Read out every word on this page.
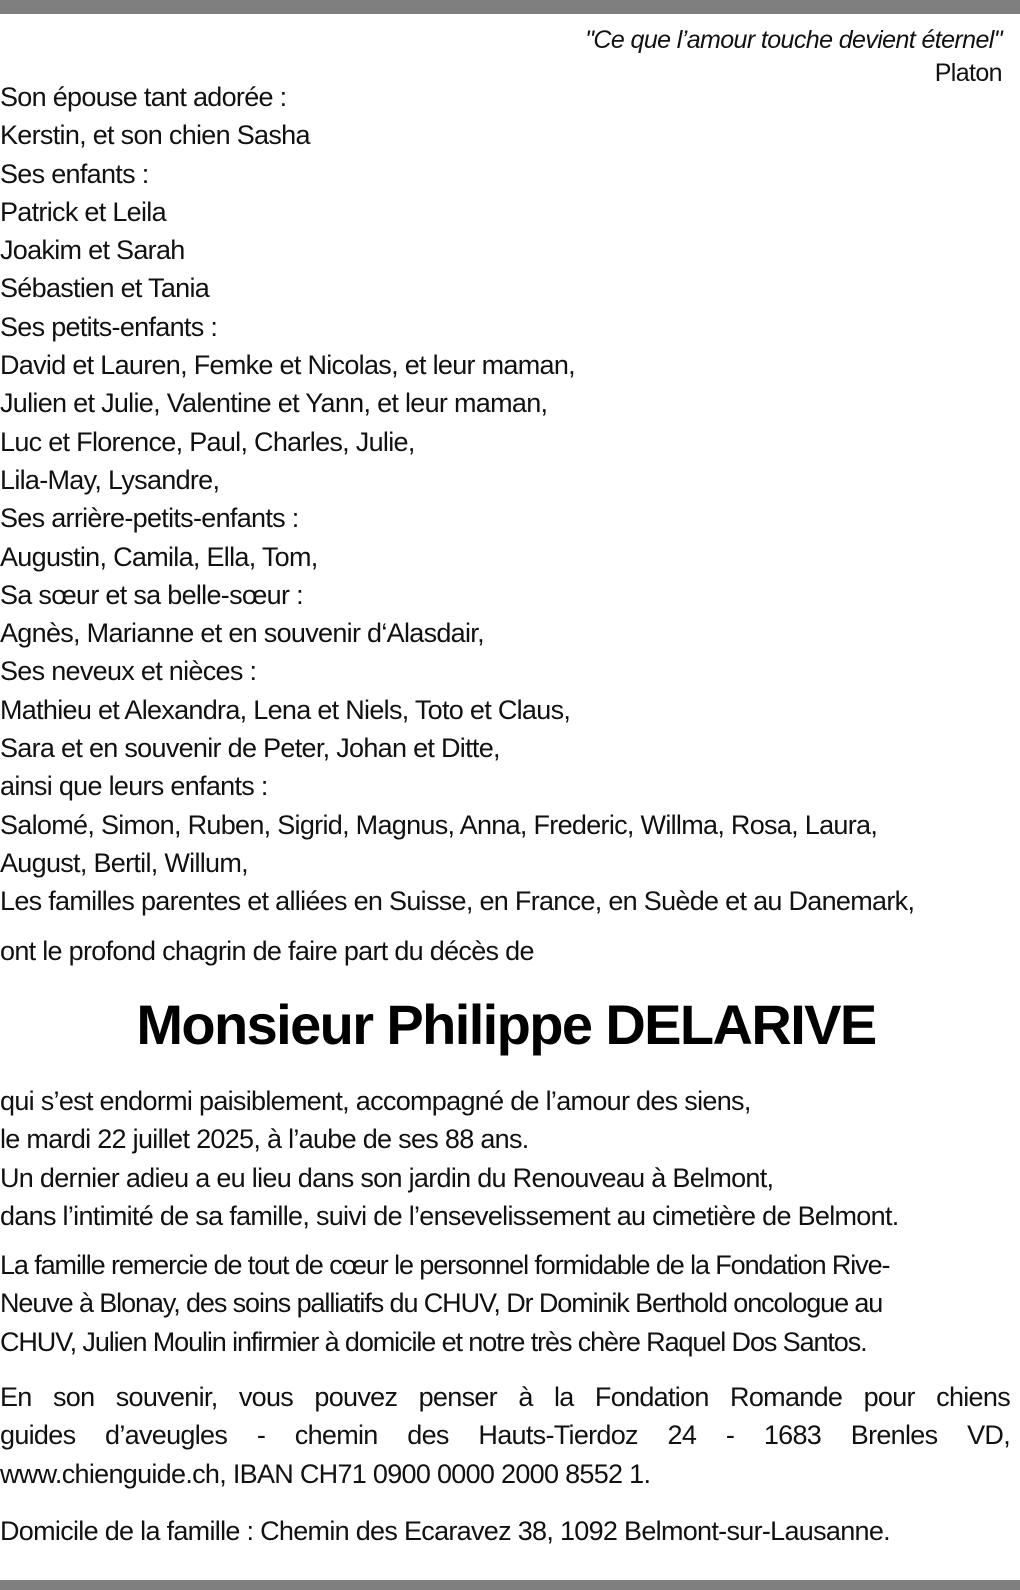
"Ce que l’amour touche devient éternel"
Platon
Son épouse tant adorée :
Kerstin, et son chien Sasha
Ses enfants :
Patrick et Leila
Joakim et Sarah
Sébastien et Tania
Ses petits-enfants :
David et Lauren, Femke et Nicolas, et leur maman,
Julien et Julie, Valentine et Yann, et leur maman,
Luc et Florence, Paul, Charles, Julie,
Lila-May, Lysandre,
Ses arrière-petits-enfants :
Augustin, Camila, Ella, Tom,
Sa sœur et sa belle-sœur :
Agnès, Marianne et en souvenir d‘Alasdair,
Ses neveux et nièces :
Mathieu et Alexandra, Lena et Niels, Toto et Claus,
Sara et en souvenir de Peter, Johan et Ditte,
ainsi que leurs enfants :
Salomé, Simon, Ruben, Sigrid, Magnus, Anna, Frederic, Willma, Rosa, Laura,
August, Bertil, Willum,
Les familles parentes et alliées en Suisse, en France, en Suède et au Danemark,
ont le profond chagrin de faire part du décès de
Monsieur Philippe DELARIVE
qui s’est endormi paisiblement, accompagné de l’amour des siens,
le mardi 22 juillet 2025, à l’aube de ses 88 ans.
Un dernier adieu a eu lieu dans son jardin du Renouveau à Belmont,
dans l’intimité de sa famille, suivi de l’ensevelissement au cimetière de Belmont.
La famille remercie de tout de cœur le personnel formidable de la Fondation Rive-
Neuve à Blonay, des soins palliatifs du CHUV, Dr Dominik Berthold oncologue au
CHUV, Julien Moulin infirmier à domicile et notre très chère Raquel Dos Santos.
En son souvenir, vous pouvez penser à la Fondation Romande pour chiens
guides d’aveugles - chemin des Hauts-Tierdoz 24 - 1683 Brenles VD,
www.chienguide.ch, IBAN CH71 0900 0000 2000 8552 1.
Domicile de la famille : Chemin des Ecaravez 38, 1092 Belmont-sur-Lausanne.
